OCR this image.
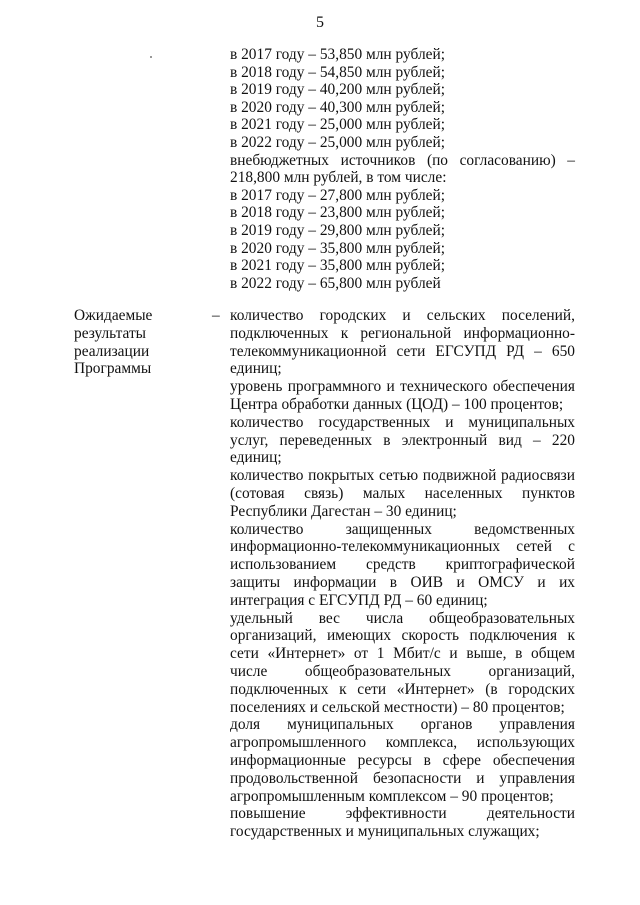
5
в 2017 году – 53,850 млн рублей;
в 2018 году – 54,850 млн рублей;
в 2019 году – 40,200 млн рублей;
в 2020 году – 40,300 млн рублей;
в 2021 году – 25,000 млн рублей;
в 2022 году – 25,000 млн рублей;
внебюджетных источников (по согласованию) –
218,800 млн рублей, в том числе:
в 2017 году – 27,800 млн рублей;
в 2018 году – 23,800 млн рублей;
в 2019 году – 29,800 млн рублей;
в 2020 году – 35,800 млн рублей;
в 2021 году – 35,800 млн рублей;
в 2022 году – 65,800 млн рублей
Ожидаемые
результаты
реализации
Программы
– количество городских и сельских поселений, подключенных к региональной информационно-телекоммуникационной сети ЕГСУПД РД – 650 единиц;

уровень программного и технического обеспечения Центра обработки данных (ЦОД) – 100 процентов;

количество государственных и муниципальных услуг, переведенных в электронный вид – 220 единиц;

количество покрытых сетью подвижной радиосвязи (сотовая связь) малых населенных пунктов Республики Дагестан – 30 единиц;

количество защищенных ведомственных информационно-телекоммуникационных сетей с использованием средств криптографической защиты информации в ОИВ и ОМСУ и их интеграция с ЕГСУПД РД – 60 единиц;

удельный вес числа общеобразовательных организаций, имеющих скорость подключения к сети «Интернет» от 1 Мбит/с и выше, в общем числе общеобразовательных организаций, подключенных к сети «Интернет» (в городских поселениях и сельской местности) – 80 процентов;

доля муниципальных органов управления агропромышленного комплекса, использующих информационные ресурсы в сфере обеспечения продовольственной безопасности и управления агропромышленным комплексом – 90 процентов;

повышение эффективности деятельности государственных и муниципальных служащих;
